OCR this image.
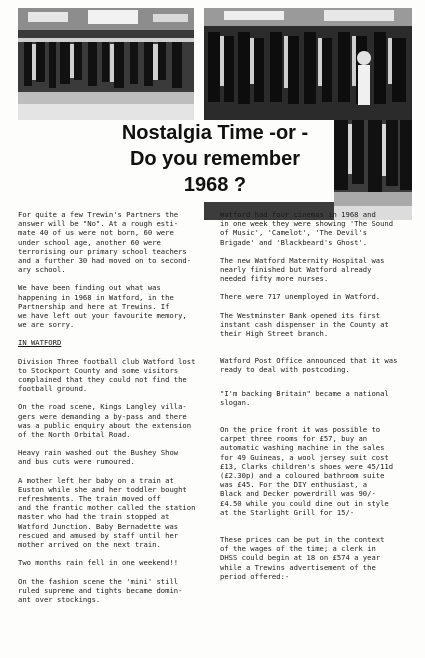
Nostalgia Time -or -
Do you remember
1968 ?

For quite a few Trewin's Partners the
answer will be "No". At a rough esti-
mate 40 of us were not born, 60 were
under school age, another 60 were
terrorising our primary school teachers
and a further 30 had moved on to second-
ary school.

We have been finding out what was
happening in 1968 in Watford, in the
Partnership and here at Trewins. If
we have left out your favourite memory,
we are sorry.

IN WATFORD

Division Three football club Watford lost
to Stockport County and some visitors
complained that they could not find the
football ground.

On the road scene, Kings Langley villa-
gers were demanding a by-pass and there
was a public enquiry about the extension
of the North Orbital Road.

Heavy rain washed out the Bushey Show
and bus cuts were rumoured.

A mother left her baby on a train at
Euston while she and her toddler bought
refreshments. The train moved off
and the frantic mother called the station
master who had the train stopped at
Watford Junction. Baby Bernadette was
rescued and amused by staff until her
mother arrived on the next train.

Two months rain fell in one weekend!!

On the fashion scene the 'mini' still
ruled supreme and tights became domin-
ant over stockings.

Watford had four cinemas in 1968 and
in one week they were showing 'The Sound
of Music', 'Camelot', 'The Devil's
Brigade' and 'Blackbeard's Ghost'.

The new Watford Maternity Hospital was
nearly finished but Watford already
needed fifty more nurses.

There were 717 unemployed in Watford.

The Westminster Bank opened its first
instant cash dispenser in the County at
their High Street branch.

Watford Post Office announced that it was
ready to deal with postcoding.

"I'm backing Britain" became a national
slogan.

On the price front it was possible to
carpet three rooms for £57, buy an
automatic washing machine in the sales
for 49 Guineas, a wool jersey suit cost
£13, Clarks children's shoes were 45/11d
(£2.30p) and a coloured bathroom suite
was £45. For the DIY enthusiast, a
Black and Decker powerdrill was 90/-
£4.50 while you could dine out in style
at the Starlight Grill for 15/-

These prices can be put in the context
of the wages of the time; a clerk in
DHSS could begin at 18 on £574 a year
while a Trewins advertisement of the
period offered:-
